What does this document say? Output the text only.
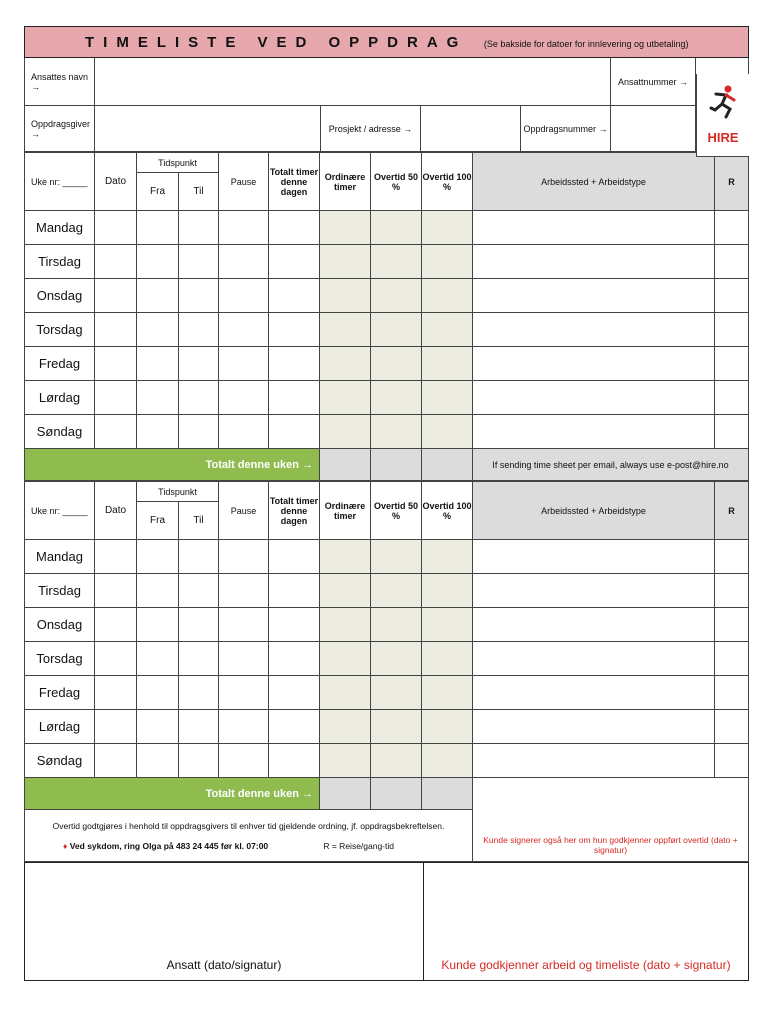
TIMELISTE VED OPPDRAG (Se bakside for datoer for innlevering og utbetaling)						
Ansattes navn →					Ansattnummer →	
Oppdragsgiver →		Prosjekt / adresse →		Oppdragsnummer →		
HIRE
Uke nr: _____	Dato	Tidspunkt		Pause	Totalt timer denne dagen	Ordinære timer	Overtid 50 %	Overtid 100 %	Arbeidssted + Arbeidstype	R
		Fra	Til							
Mandag										
Tirsdag										
Onsdag										
Torsdag										
Fredag										
Lørdag										
Søndag										
Totalt denne uken →									If sending time sheet per email, always use e-post@hire.no	
Uke nr: _____	Dato	Tidspunkt		Pause	Totalt timer denne dagen	Ordinære timer	Overtid 50 %	Overtid 100 %	Arbeidssted + Arbeidstype	R
		Fra	Til							
Mandag										
Tirsdag										
Onsdag										
Torsdag										
Fredag										
Lørdag										
Søndag										
Totalt denne uken →									Kunde signerer også her om hun godkjenner oppført overtid (dato + signatur)	

Overtid godtgjøres i henhold til oppdragsgivers til enhver tid gjeldende ordning, jf. oppdragsbekreftelsen.
♦ Ved sykdom, ring Olga på 483 24 445 før kl. 07:00 R = Reise/gang-tid										
Ansatt (dato/signatur)	Kunde godkjenner arbeid og timeliste (dato + signatur)
